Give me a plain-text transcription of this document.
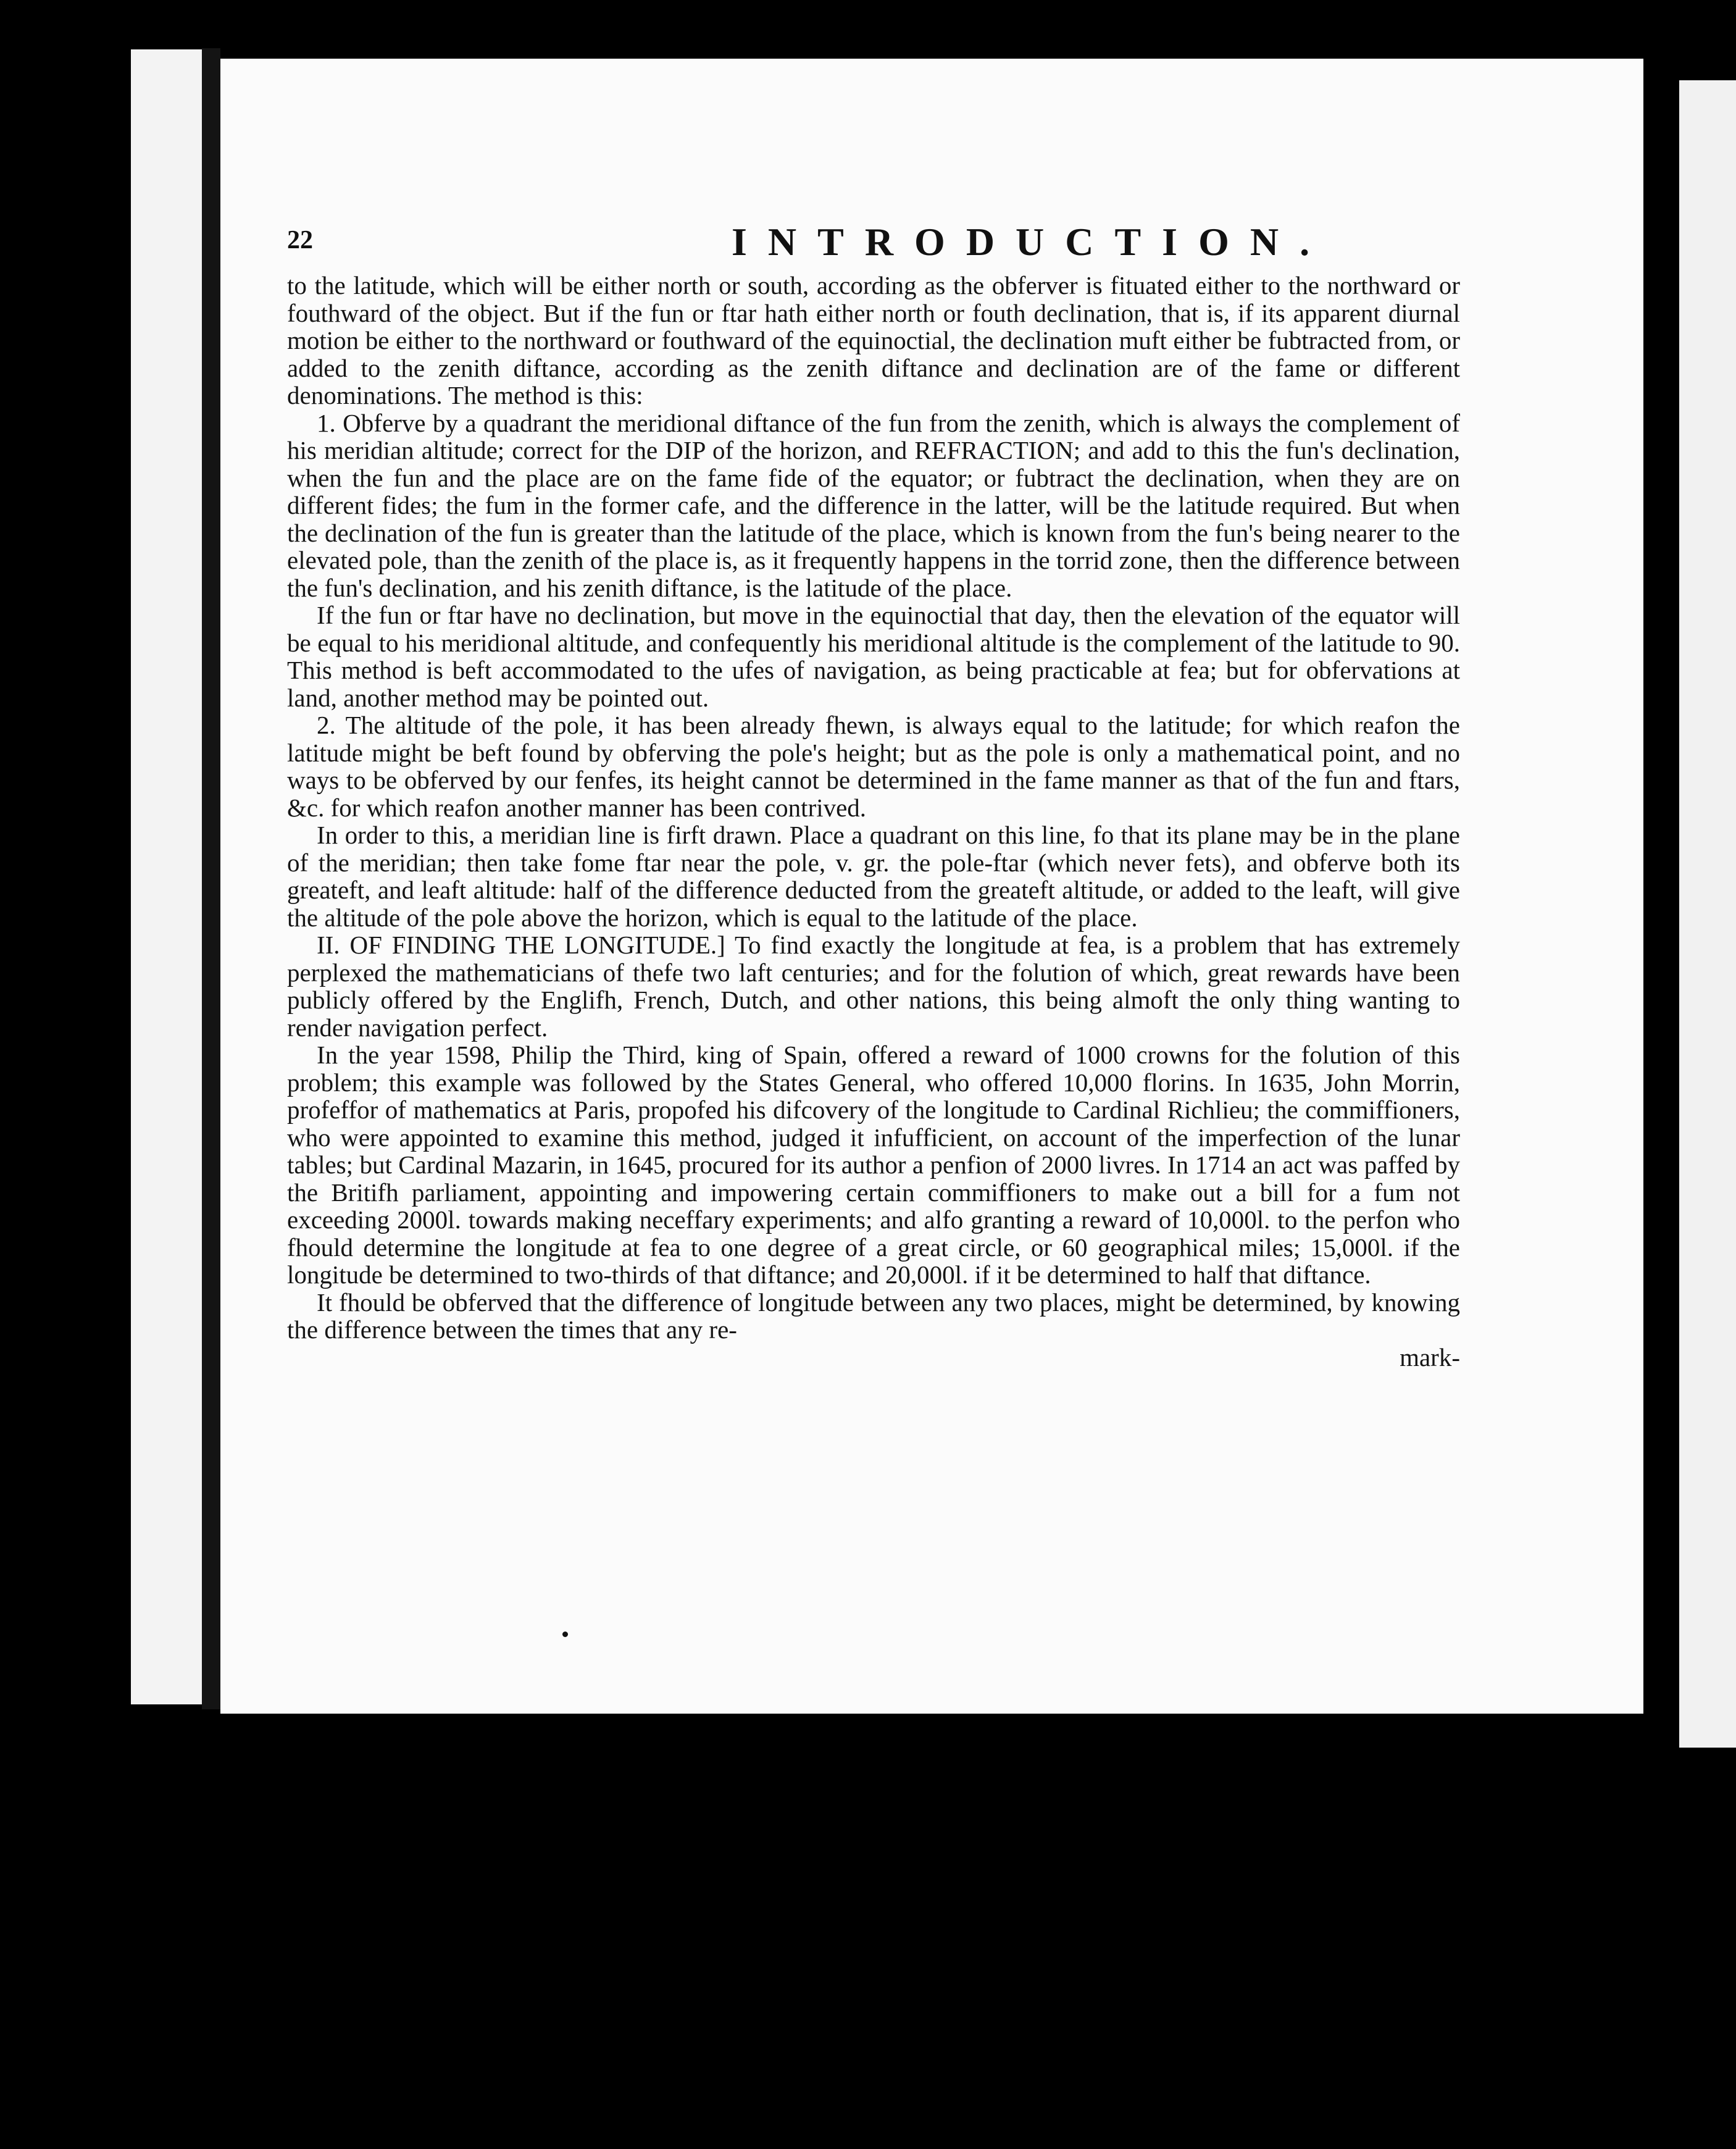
22	INTRODUCTION.

to the latitude, which will be either north or south, according as the obferver is fituated either to the northward or fouthward of the object. But if the fun or ftar hath either north or fouth declination, that is, if its apparent diurnal motion be either to the northward or fouthward of the equinoctial, the declination muft either be fubtracted from, or added to the zenith diftance, according as the zenith diftance and declination are of the fame or different denominations. The method is this:

1. Obferve by a quadrant the meridional diftance of the fun from the zenith, which is always the complement of his meridian altitude; correct for the DIP of the horizon, and REFRACTION; and add to this the fun's declination, when the fun and the place are on the fame fide of the equator; or fubtract the declination, when they are on different fides; the fum in the former cafe, and the difference in the latter, will be the latitude required. But when the declination of the fun is greater than the latitude of the place, which is known from the fun's being nearer to the elevated pole, than the zenith of the place is, as it frequently happens in the torrid zone, then the difference between the fun's declination, and his zenith diftance, is the latitude of the place.

If the fun or ftar have no declination, but move in the equinoctial that day, then the elevation of the equator will be equal to his meridional altitude, and confequently his meridional altitude is the complement of the latitude to 90. This method is beft accommodated to the ufes of navigation, as being practicable at fea; but for obfervations at land, another method may be pointed out.

2. The altitude of the pole, it has been already fhewn, is always equal to the latitude; for which reafon the latitude might be beft found by obferving the pole's height; but as the pole is only a mathematical point, and no ways to be obferved by our fenfes, its height cannot be determined in the fame manner as that of the fun and ftars, &c. for which reafon another manner has been contrived.

In order to this, a meridian line is firft drawn. Place a quadrant on this line, fo that its plane may be in the plane of the meridian; then take fome ftar near the pole, v. gr. the pole-ftar (which never fets), and obferve both its greateft, and leaft altitude: half of the difference deducted from the greateft altitude, or added to the leaft, will give the altitude of the pole above the horizon, which is equal to the latitude of the place.

II. OF FINDING THE LONGITUDE.] To find exactly the longitude at fea, is a problem that has extremely perplexed the mathematicians of thefe two laft centuries; and for the folution of which, great rewards have been publicly offered by the Englifh, French, Dutch, and other nations, this being almoft the only thing wanting to render navigation perfect.

In the year 1598, Philip the Third, king of Spain, offered a reward of 1000 crowns for the folution of this problem; this example was followed by the States General, who offered 10,000 florins. In 1635, John Morrin, profeffor of mathematics at Paris, propofed his difcovery of the longitude to Cardinal Richlieu; the commiffioners, who were appointed to examine this method, judged it infufficient, on account of the imperfection of the lunar tables; but Cardinal Mazarin, in 1645, procured for its author a penfion of 2000 livres. In 1714 an act was paffed by the Britifh parliament, appointing and impowering certain commiffioners to make out a bill for a fum not exceeding 2000l. towards making neceffary experiments; and alfo granting a reward of 10,000l. to the perfon who fhould determine the longitude at fea to one degree of a great circle, or 60 geographical miles; 15,000l. if the longitude be determined to two-thirds of that diftance; and 20,000l. if it be determined to half that diftance.

It fhould be obferved that the difference of longitude between any two places, might be determined, by knowing the difference between the times that any re-

mark-
